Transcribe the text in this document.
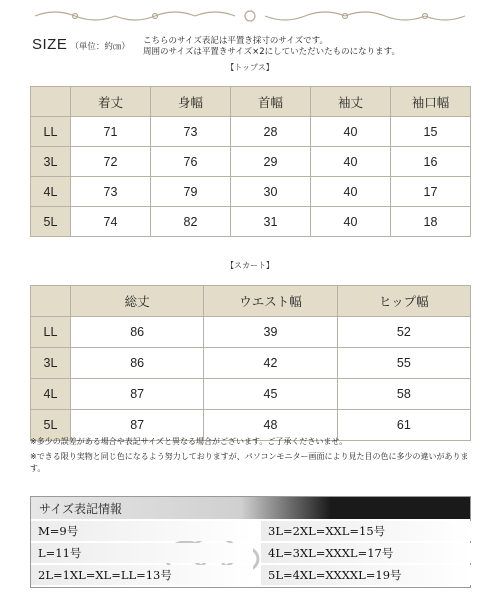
SIZE （単位：約㎝）
こちらのサイズ表記は平置き採寸のサイズです。
周囲のサイズは平置きサイズ×2にしていただいたものになります。
【トップス】
	着丈	身幅	首幅	袖丈	袖口幅
LL	71	73	28	40	15
3L	72	76	29	40	16
4L	73	79	30	40	17
5L	74	82	31	40	18
【スカート】
	総丈	ウエスト幅	ヒップ幅
LL	86	39	52
3L	86	42	55
4L	87	45	58
5L	87	48	61
※多少の誤差がある場合や表記サイズと異なる場合がございます。ご了承くださいませ。
※できる限り実物と同じ色になるよう努力しておりますが、パソコンモニター画面により見た目の色に多少の違いがあります。
サイズ表記情報
M=9号	3L=2XL=XXL=15号
L=11号	4L=3XL=XXXL=17号
2L=1XL=XL=LL=13号	5L=4XL=XXXXL=19号
